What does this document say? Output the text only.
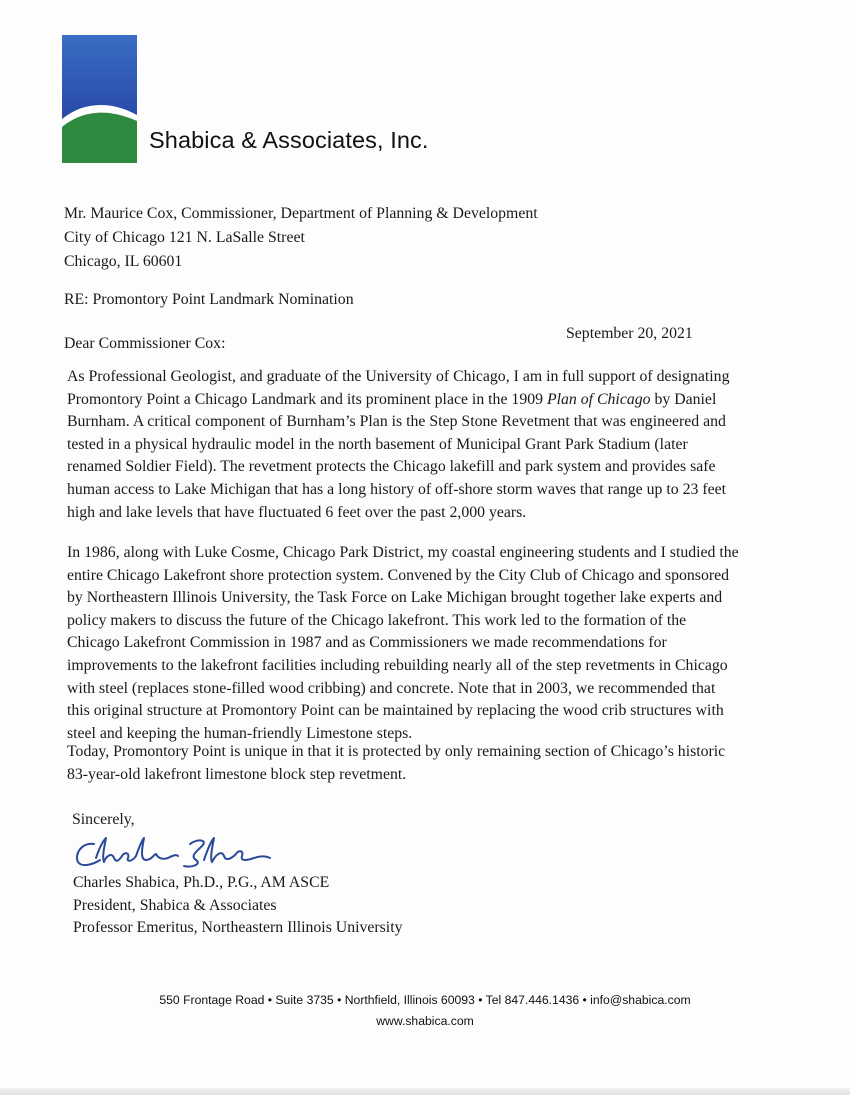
Shabica & Associates, Inc.
Mr. Maurice Cox, Commissioner, Department of Planning & Development
City of Chicago 121 N. LaSalle Street
Chicago, IL 60601
RE: Promontory Point Landmark Nomination
Dear Commissioner Cox:
September 20, 2021
As Professional Geologist, and graduate of the University of Chicago, I am in full support of designating
Promontory Point a Chicago Landmark and its prominent place in the 1909 Plan of Chicago by Daniel
Burnham. A critical component of Burnham’s Plan is the Step Stone Revetment that was engineered and
tested in a physical hydraulic model in the north basement of Municipal Grant Park Stadium (later
renamed Soldier Field). The revetment protects the Chicago lakefill and park system and provides safe
human access to Lake Michigan that has a long history of off-shore storm waves that range up to 23 feet
high and lake levels that have fluctuated 6 feet over the past 2,000 years.
In 1986, along with Luke Cosme, Chicago Park District, my coastal engineering students and I studied the
entire Chicago Lakefront shore protection system. Convened by the City Club of Chicago and sponsored
by Northeastern Illinois University, the Task Force on Lake Michigan brought together lake experts and
policy makers to discuss the future of the Chicago lakefront. This work led to the formation of the
Chicago Lakefront Commission in 1987 and as Commissioners we made recommendations for
improvements to the lakefront facilities including rebuilding nearly all of the step revetments in Chicago
with steel (replaces stone-filled wood cribbing) and concrete. Note that in 2003, we recommended that
this original structure at Promontory Point can be maintained by replacing the wood crib structures with
steel and keeping the human-friendly Limestone steps.
Today, Promontory Point is unique in that it is protected by only remaining section of Chicago’s historic
83-year-old lakefront limestone block step revetment.
Sincerely,
Charles Shabica, Ph.D., P.G., AM ASCE
President, Shabica & Associates
Professor Emeritus, Northeastern Illinois University
550 Frontage Road • Suite 3735 • Northfield, Illinois 60093 • Tel 847.446.1436 • info@shabica.com
www.shabica.com
